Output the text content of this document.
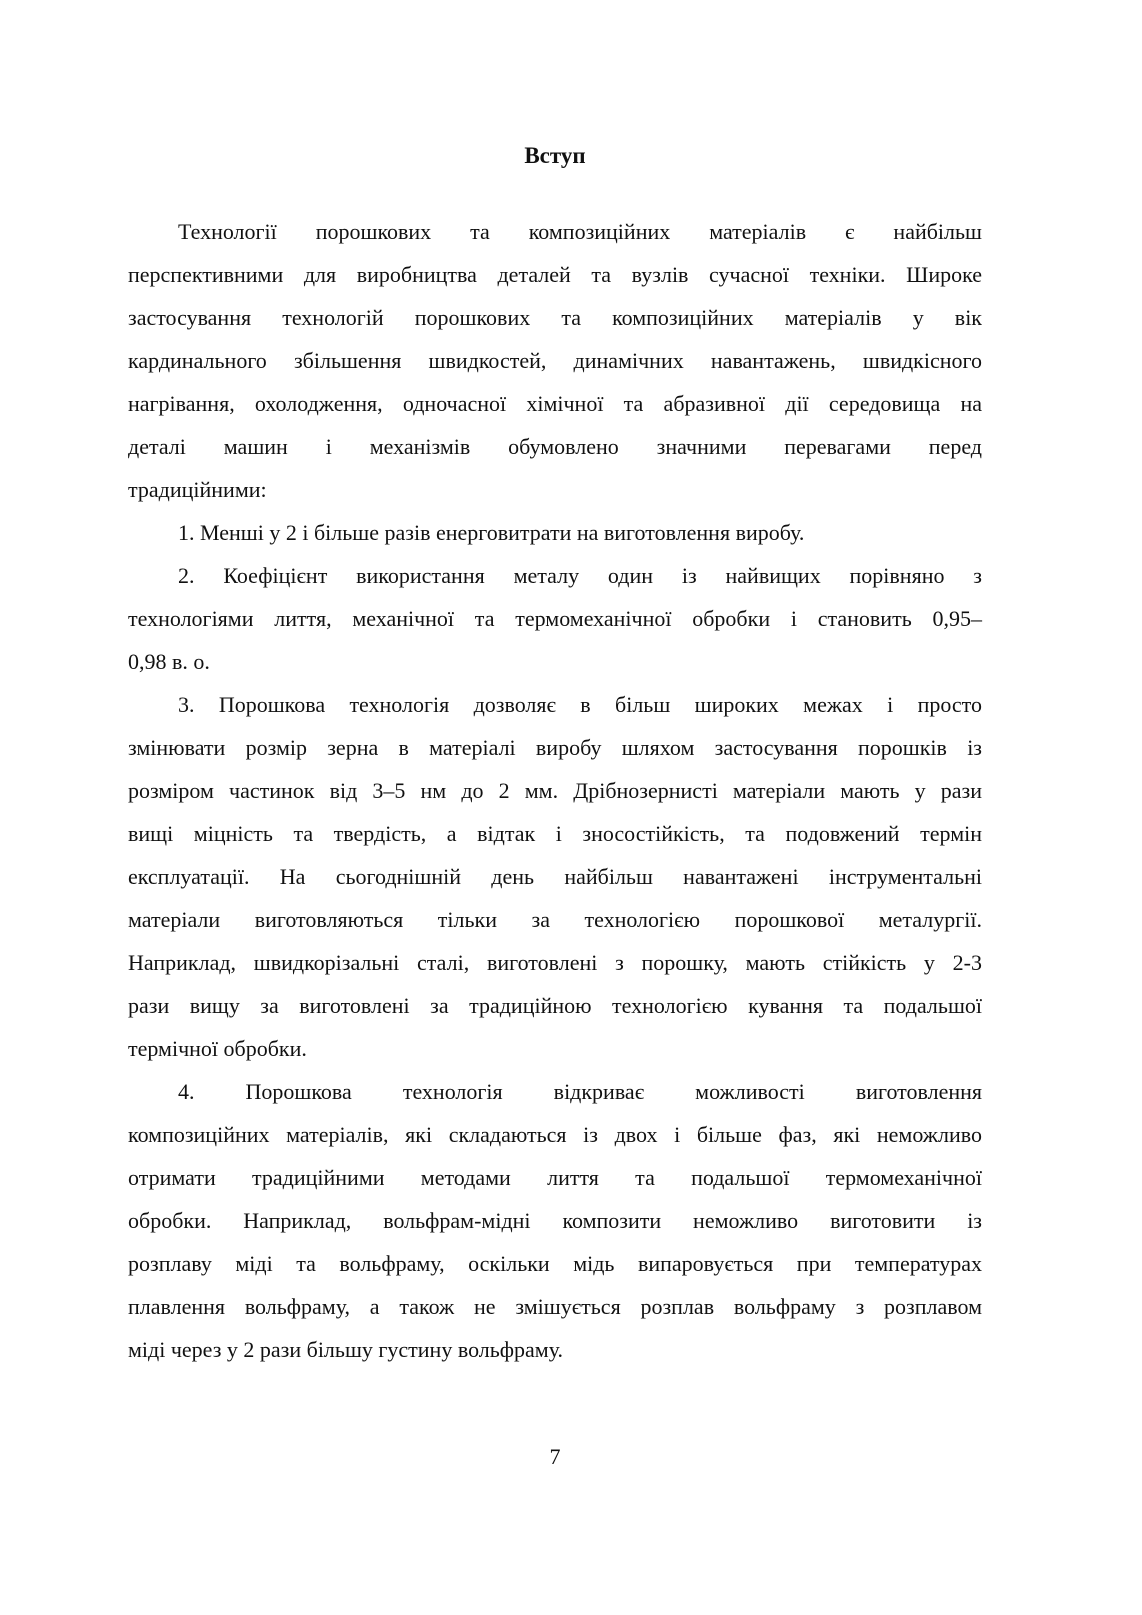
Вступ
Технології порошкових та композиційних матеріалів є найбільш
перспективними для виробництва деталей та вузлів сучасної техніки. Широке
застосування технологій порошкових та композиційних матеріалів у вік
кардинального збільшення швидкостей, динамічних навантажень, швидкісного
нагрівання, охолодження, одночасної хімічної та абразивної дії середовища на
деталі машин і механізмів обумовлено значними перевагами перед
традиційними:
1. Менші у 2 і більше разів енерговитрати на виготовлення виробу.
2. Коефіцієнт використання металу один із найвищих порівняно з
технологіями лиття, механічної та термомеханічної обробки і становить 0,95–
0,98 в. о.
3. Порошкова технологія дозволяє в більш широких межах і просто
змінювати розмір зерна в матеріалі виробу шляхом застосування порошків із
розміром частинок від 3–5 нм до 2 мм. Дрібнозернисті матеріали мають у рази
вищі міцність та твердість, а відтак і зносостійкість, та подовжений термін
експлуатації. На сьогоднішній день найбільш навантажені інструментальні
матеріали виготовляються тільки за технологією порошкової металургії.
Наприклад, швидкорізальні сталі, виготовлені з порошку, мають стійкість у 2-3
рази вищу за виготовлені за традиційною технологією кування та подальшої
термічної обробки.
4. Порошкова технологія відкриває можливості виготовлення
композиційних матеріалів, які складаються із двох і більше фаз, які неможливо
отримати традиційними методами лиття та подальшої термомеханічної
обробки. Наприклад, вольфрам-мідні композити неможливо виготовити із
розплаву міді та вольфраму, оскільки мідь випаровується при температурах
плавлення вольфраму, а також не змішується розплав вольфраму з розплавом
міді через у 2 рази більшу густину вольфраму.
7
